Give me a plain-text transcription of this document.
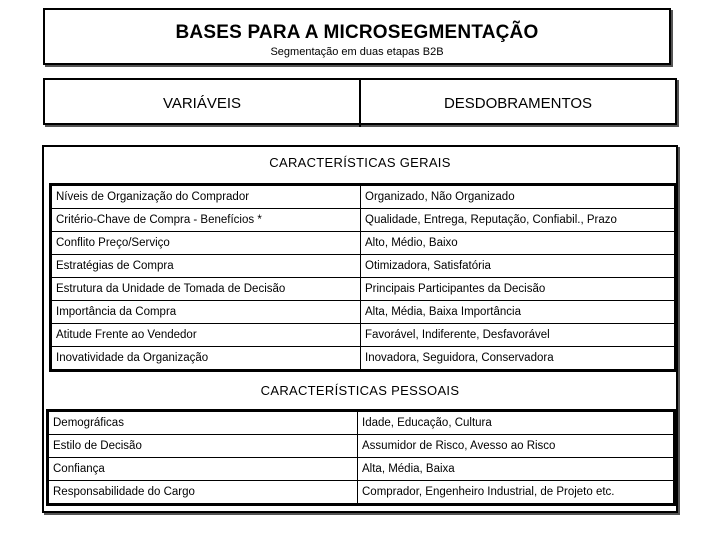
BASES PARA A MICROSEGMENTAÇÃO
Segmentação em duas etapas B2B
VARIÁVEIS	DESDOBRAMENTOS
CARACTERÍSTICAS GERAIS
Níveis de Organização do Comprador	Organizado, Não Organizado
Critério-Chave de Compra - Benefícios *	Qualidade, Entrega, Reputação, Confiabil., Prazo
Conflito Preço/Serviço	Alto, Médio, Baixo
Estratégias de Compra	Otimizadora, Satisfatória
Estrutura da Unidade de Tomada de Decisão	Principais Participantes da Decisão
Importância da Compra	Alta, Média, Baixa Importância
Atitude Frente ao Vendedor	Favorável, Indiferente, Desfavorável
Inovatividade da Organização	Inovadora, Seguidora, Conservadora
CARACTERÍSTICAS PESSOAIS
Demográficas	Idade, Educação, Cultura
Estilo de Decisão	Assumidor de Risco, Avesso ao Risco
Confiança	Alta, Média, Baixa
Responsabilidade do Cargo	Comprador, Engenheiro Industrial, de Projeto etc.
